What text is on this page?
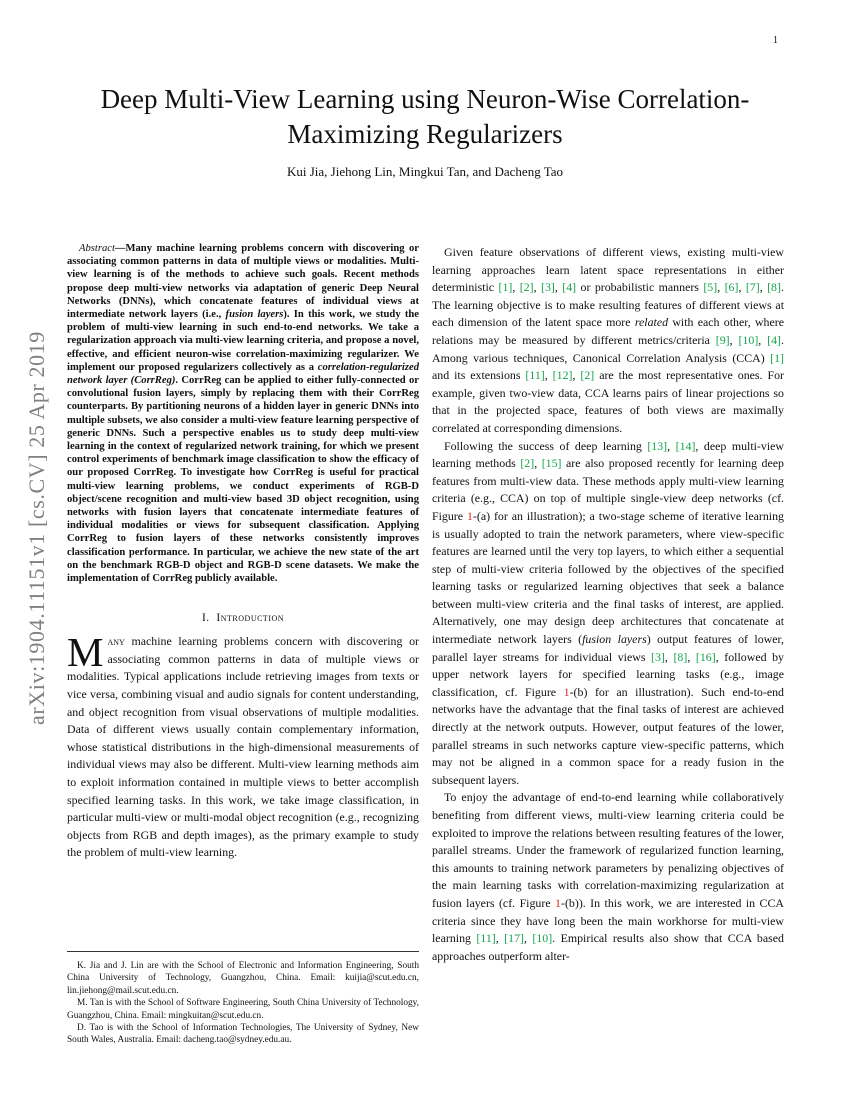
1
arXiv:1904.11151v1 [cs.CV] 25 Apr 2019
Deep Multi-View Learning using Neuron-Wise Correlation-Maximizing Regularizers
Kui Jia, Jiehong Lin, Mingkui Tan, and Dacheng Tao

Abstract—Many machine learning problems concern with discovering or associating common patterns in data of multiple views or modalities. Multi-view learning is of the methods to achieve such goals. Recent methods propose deep multi-view networks via adaptation of generic Deep Neural Networks (DNNs), which concatenate features of individual views at intermediate network layers (i.e., fusion layers). In this work, we study the problem of multi-view learning in such end-to-end networks. We take a regularization approach via multi-view learning criteria, and propose a novel, effective, and efficient neuron-wise correlation-maximizing regularizer. We implement our proposed regularizers collectively as a correlation-regularized network layer (CorrReg). CorrReg can be applied to either fully-connected or convolutional fusion layers, simply by replacing them with their CorrReg counterparts. By partitioning neurons of a hidden layer in generic DNNs into multiple subsets, we also consider a multi-view feature learning perspective of generic DNNs. Such a perspective enables us to study deep multi-view learning in the context of regularized network training, for which we present control experiments of benchmark image classification to show the efficacy of our proposed CorrReg. To investigate how CorrReg is useful for practical multi-view learning problems, we conduct experiments of RGB-D object/scene recognition and multi-view based 3D object recognition, using networks with fusion layers that concatenate intermediate features of individual modalities or views for subsequent classification. Applying CorrReg to fusion layers of these networks consistently improves classification performance. In particular, we achieve the new state of the art on the benchmark RGB-D object and RGB-D scene datasets. We make the implementation of CorrReg publicly available.

I. Introduction

Many machine learning problems concern with discovering or associating common patterns in data of multiple views or modalities. Typical applications include retrieving images from texts or vice versa, combining visual and audio signals for content understanding, and object recognition from visual observations of multiple modalities. Data of different views usually contain complementary information, whose statistical distributions in the high-dimensional measurements of individual views may also be different. Multi-view learning methods aim to exploit information contained in multiple views to better accomplish specified learning tasks. In this work, we take image classification, in particular multi-view or multi-modal object recognition (e.g., recognizing objects from RGB and depth images), as the primary example to study the problem of multi-view learning.

Given feature observations of different views, existing multi-view learning approaches learn latent space representations in either deterministic [1], [2], [3], [4] or probabilistic manners [5], [6], [7], [8]. The learning objective is to make resulting features of different views at each dimension of the latent space more related with each other, where relations may be measured by different metrics/criteria [9], [10], [4]. Among various techniques, Canonical Correlation Analysis (CCA) [1] and its extensions [11], [12], [2] are the most representative ones. For example, given two-view data, CCA learns pairs of linear projections so that in the projected space, features of both views are maximally correlated at corresponding dimensions.

Following the success of deep learning [13], [14], deep multi-view learning methods [2], [15] are also proposed recently for learning deep features from multi-view data. These methods apply multi-view learning criteria (e.g., CCA) on top of multiple single-view deep networks (cf. Figure 1-(a) for an illustration); a two-stage scheme of iterative learning is usually adopted to train the network parameters, where view-specific features are learned until the very top layers, to which either a sequential step of multi-view criteria followed by the objectives of the specified learning tasks or regularized learning objectives that seek a balance between multi-view criteria and the final tasks of interest, are applied. Alternatively, one may design deep architectures that concatenate at intermediate network layers (fusion layers) output features of lower, parallel layer streams for individual views [3], [8], [16], followed by upper network layers for specified learning tasks (e.g., image classification, cf. Figure 1-(b) for an illustration). Such end-to-end networks have the advantage that the final tasks of interest are achieved directly at the network outputs. However, output features of the lower, parallel streams in such networks capture view-specific patterns, which may not be aligned in a common space for a ready fusion in the subsequent layers.

To enjoy the advantage of end-to-end learning while collaboratively benefiting from different views, multi-view learning criteria could be exploited to improve the relations between resulting features of the lower, parallel streams. Under the framework of regularized function learning, this amounts to training network parameters by penalizing objectives of the main learning tasks with correlation-maximizing regularization at fusion layers (cf. Figure 1-(b)). In this work, we are interested in CCA criteria since they have long been the main workhorse for multi-view learning [11], [17], [10]. Empirical results also show that CCA based approaches outperform alter-

K. Jia and J. Lin are with the School of Electronic and Information Engineering, South China University of Technology, Guangzhou, China. Email: kuijia@scut.edu.cn, lin.jiehong@mail.scut.edu.cn.

M. Tan is with the School of Software Engineering, South China University of Technology, Guangzhou, China. Email: mingkuitan@scut.edu.cn.

D. Tao is with the School of Information Technologies, The University of Sydney, New South Wales, Australia. Email: dacheng.tao@sydney.edu.au.
